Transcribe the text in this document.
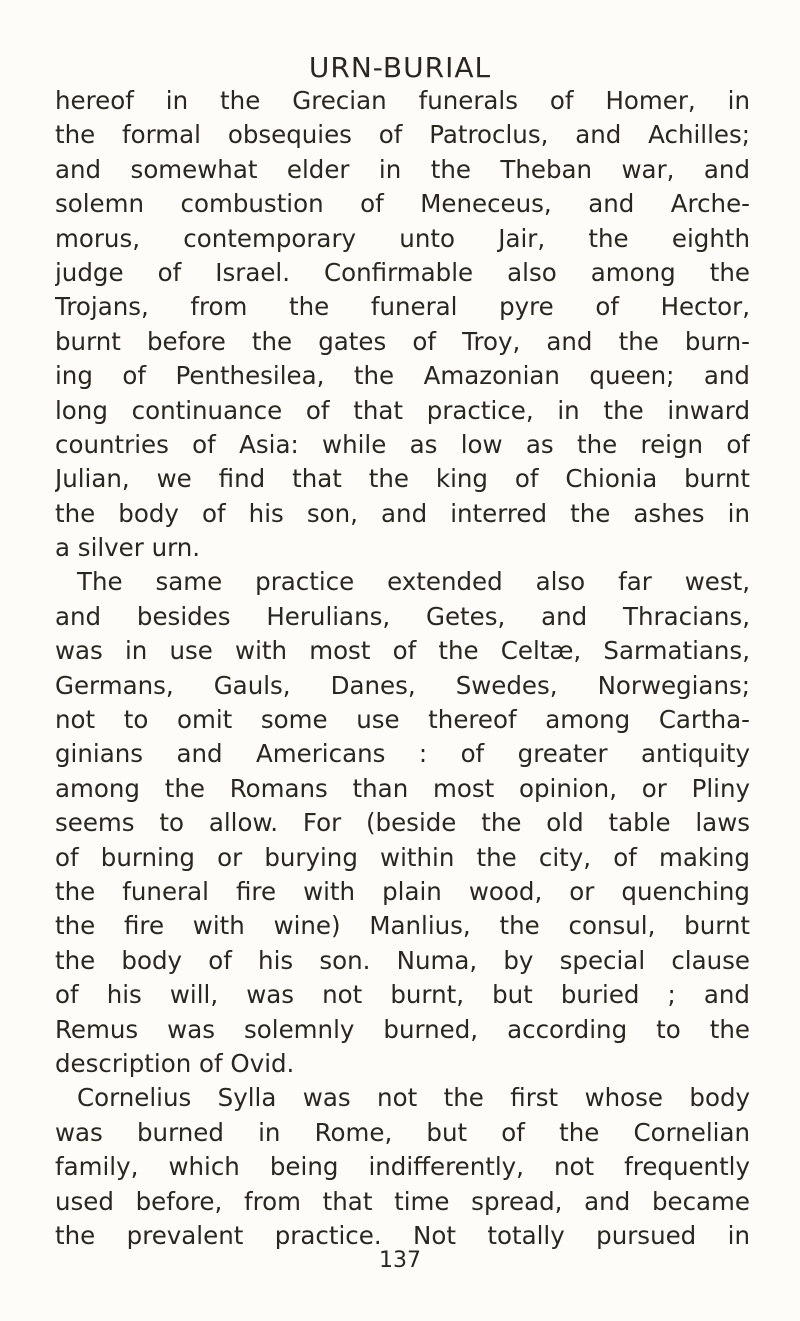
URN-BURIAL
hereof in the Grecian funerals of Homer, in
the formal obsequies of Patroclus, and Achilles;
and somewhat elder in the Theban war, and
solemn combustion of Meneceus, and Arche-
morus, contemporary unto Jair, the eighth
judge of Israel. Confirmable also among the
Trojans, from the funeral pyre of Hector,
burnt before the gates of Troy, and the burn-
ing of Penthesilea, the Amazonian queen; and
long continuance of that practice, in the inward
countries of Asia: while as low as the reign of
Julian, we find that the king of Chionia burnt
the body of his son, and interred the ashes in
a silver urn.
The same practice extended also far west,
and besides Herulians, Getes, and Thracians,
was in use with most of the Celtæ, Sarmatians,
Germans, Gauls, Danes, Swedes, Norwegians;
not to omit some use thereof among Cartha-
ginians and Americans : of greater antiquity
among the Romans than most opinion, or Pliny
seems to allow. For (beside the old table laws
of burning or burying within the city, of making
the funeral fire with plain wood, or quenching
the fire with wine) Manlius, the consul, burnt
the body of his son. Numa, by special clause
of his will, was not burnt, but buried ; and
Remus was solemnly burned, according to the
description of Ovid.
Cornelius Sylla was not the first whose body
was burned in Rome, but of the Cornelian
family, which being indifferently, not frequently
used before, from that time spread, and became
the prevalent practice. Not totally pursued in
137
